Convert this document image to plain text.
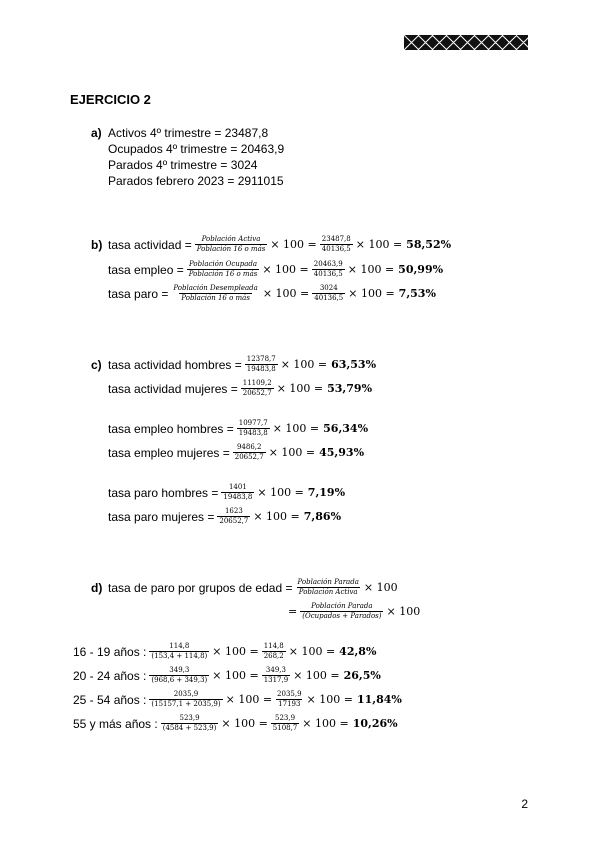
EJERCICIO 2
a) Activos 4º trimestre = 23487,8
Ocupados 4º trimestre = 20463,9
Parados 4º trimestre = 3024
Parados febrero 2023 = 2911015
b) tasa actividad = $\frac{\text{Población Activa}}{\text{Población 16 o más}} \times 100 = \frac{23487,8}{40136,5} \times 100 = 58,52\%$
tasa empleo = $\frac{\text{Población Ocupada}}{\text{Población 16 o más}} \times 100 = \frac{20463,9}{40136,5} \times 100 = 50,99\%$
tasa paro = $\frac{\text{Población Desempleada}}{\text{Población 16 o más}} \times 100 = \frac{3024}{40136,5} \times 100 = 7,53\%$
c) tasa actividad hombres = $\frac{12378,7}{19483,8} \times 100 = 63,53\%$
tasa actividad mujeres = $\frac{11109,2}{20652,7} \times 100 = 53,79\%$
tasa empleo hombres = $\frac{10977,7}{19483,8} \times 100 = 56,34\%$
tasa empleo mujeres = $\frac{9486,2}{20652,7} \times 100 = 45,93\%$
tasa paro hombres = $\frac{1401}{19483,8} \times 100 = 7,19\%$
tasa paro mujeres = $\frac{1623}{20652,7} \times 100 = 7,86\%$
d) tasa de paro por grupos de edad = $\frac{\text{Población Parada}}{\text{Población Activa}} \times 100$
= $\frac{\text{Población Parada}}{\text{(Ocupados + Parados)}} \times 100$
16 - 19 años : $\frac{114,8}{(153,4 + 114,8)} \times 100 = \frac{114,8}{268,2} \times 100 = 42,8\%$
20 - 24 años : $\frac{349,3}{(968,6 + 349,3)} \times 100 = \frac{349,3}{1317,9} \times 100 = 26,5\%$
25 - 54 años : $\frac{2035,9}{(15157,1 + 2035,9)} \times 100 = \frac{2035,9}{17193} \times 100 = 11,84\%$
55 y más años : $\frac{523,9}{(4584 + 523,9)} \times 100 = \frac{523,9}{5108,7} \times 100 = 10,26\%$
2
